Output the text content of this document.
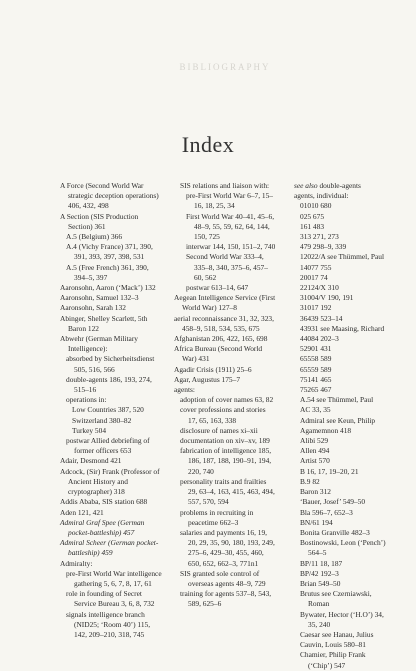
BIBLIOGRAPHY
Index

A Force (Second World War strategic deception operations) 406, 432, 498

A Section (SIS Production Section) 361

A.5 (Belgium) 366

A.4 (Vichy France) 371, 390, 391, 393, 397, 398, 531

A.5 (Free French) 361, 390, 394–5, 397

Aaronsohn, Aaron (‘Mack’) 132

Aaronsohn, Samuel 132–3

Aaronsohn, Sarah 132

Abinger, Shelley Scarlett, 5th Baron 122

Abwehr (German Military Intelligence):

absorbed by Sicherheitsdienst 505, 516, 566

double-agents 186, 193, 274, 515–16

operations in:

Low Countries 387, 520

Switzerland 380–82

Turkey 504

postwar Allied debriefing of former officers 653

Adair, Desmond 421

Adcock, (Sir) Frank (Professor of Ancient History and cryptographer) 318

Addis Ababa, SIS station 688

Aden 121, 421

Admiral Graf Spee (German pocket-battleship) 457

Admiral Scheer (German pocket-battleship) 459

Admiralty:

pre-First World War intelligence gathering 5, 6, 7, 8, 17, 61

role in founding of Secret Service Bureau 3, 6, 8, 732

signals intelligence branch (NID25; ‘Room 40’) 115, 142, 209–210, 318, 745

SIS relations and liaison with:

pre-First World War 6–7, 15–16, 18, 25, 34

First World War 40–41, 45–6, 48–9, 55, 59, 62, 64, 144, 150, 725

interwar 144, 150, 151–2, 740

Second World War 333–4, 335–8, 340, 375–6, 457–60, 562

postwar 613–14, 647

Aegean Intelligence Service (First World War) 127–8

aerial reconnaissance 31, 32, 323, 458–9, 518, 534, 535, 675

Afghanistan 206, 422, 165, 698

Africa Bureau (Second World War) 431

Agadir Crisis (1911) 25–6

Agar, Augustus 175–7

agents:

adoption of cover names 63, 82

cover professions and stories 17, 65, 163, 338

disclosure of names xi–xii

documentation on xiv–xv, 189

fabrication of intelligence 185, 186, 187, 188, 190–91, 194, 220, 740

personality traits and frailties 29, 63–4, 163, 415, 463, 494, 557, 570, 594

problems in recruiting in peacetime 662–3

salaries and payments 16, 19, 20, 29, 35, 90, 180, 193, 249, 275–6, 429–30, 455, 460, 650, 652, 662–3, 771n1

SIS granted sole control of overseas agents 48–9, 729

training for agents 537–8, 543, 589, 625–6

see also double-agents

agents, individual:

01010 680

025 675

161 483

313 271, 273

479 298–9, 339

12022/A see Thümmel, Paul

14077 755

20017 74

22124/X 310

31004/V 190, 191

31017 192

36439 523–14

43931 see Maasing, Richard

44084 202–3

52901 431

65558 589

65559 589

75141 465

75265 467

A.54 see Thümmel, Paul

AC 33, 35

Admiral see Keun, Philip

Agamemnon 418

Alibi 529

Allen 494

Artist 570

B 16, 17, 19–20, 21

B.9 82

Baron 312

‘Bauer, Josef’ 549–50

Bla 596–7, 652–3

BN/61 194

Bonita Granville 482–3

Bostinowski, Leon (‘Pench’) 564–5

BP/11 18, 187

BP/42 192–3

Brian 549–50

Brutus see Czerniawski, Roman

Bywater, Hector (‘H.O’) 34, 35, 240

Caesar see Hanau, Julius

Cauvin, Louis 580–81

Chamier, Philip Frank (‘Chip’) 547
